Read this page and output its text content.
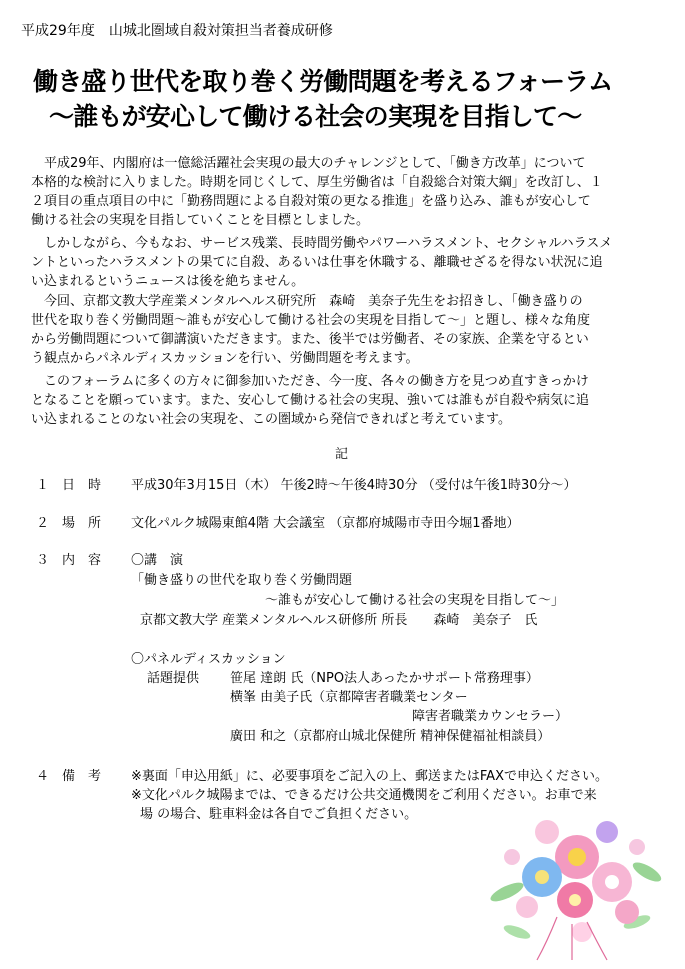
平成29年度　山城北圏域自殺対策担当者養成研修
働き盛り世代を取り巻く労働問題を考えるフォーラム
～誰もが安心して働ける社会の実現を目指して～
　平成29年、内閣府は一億総活躍社会実現の最大のチャレンジとして、「働き方改革」について
本格的な検討に入りました。時期を同じくして、厚生労働省は「自殺総合対策大綱」を改訂し、１
２項目の重点項目の中に「勤務問題による自殺対策の更なる推進」を盛り込み、誰もが安心して
働ける社会の実現を目指していくことを目標としました。
　しかしながら、今もなお、サービス残業、長時間労働やパワーハラスメント、セクシャルハラスメ
ントといったハラスメントの果てに自殺、あるいは仕事を休職する、離職せざるを得ない状況に追
い込まれるというニュースは後を絶ちません。
　今回、京都文教大学産業メンタルヘルス研究所　森崎　美奈子先生をお招きし、「働き盛りの
世代を取り巻く労働問題～誰もが安心して働ける社会の実現を目指して～」と題し、様々な角度
から労働問題について御講演いただきます。また、後半では労働者、その家族、企業を守るとい
う観点からパネルディスカッションを行い、労働問題を考えます。
　このフォーラムに多くの方々に御参加いただき、今一度、各々の働き方を見つめ直すきっかけ
となることを願っています。また、安心して働ける社会の実現、強いては誰もが自殺や病気に追
い込まれることのない社会の実現を、この圏域から発信できればと考えています。
記
１　日　時 平成30年3月15日（木） 午後2時～午後4時30分 （受付は午後1時30分～）
２　場　所 文化パルク城陽東館4階 大会議室 （京都府城陽市寺田今堀1番地）
３　内　容 〇講　演
「働き盛りの世代を取り巻く労働問題
～誰もが安心して働ける社会の実現を目指して～」
京都文教大学 産業メンタルヘルス研修所 所長　　森崎　美奈子　氏
〇パネルディスカッション
話題提供 笹尾 達朗 氏（NPO法人あったかサポート常務理事）
横峯 由美子氏（京都障害者職業センター
障害者職業カウンセラー）
廣田 和之（京都府山城北保健所 精神保健福祉相談員）
４　備　考 ※裏面「申込用紙」に、必要事項をご記入の上、郵送またはFAXで申込ください。
※文化パルク城陽までは、できるだけ公共交通機関をご利用ください。お車で来
場 の場合、駐車料金は各自でご負担ください。
